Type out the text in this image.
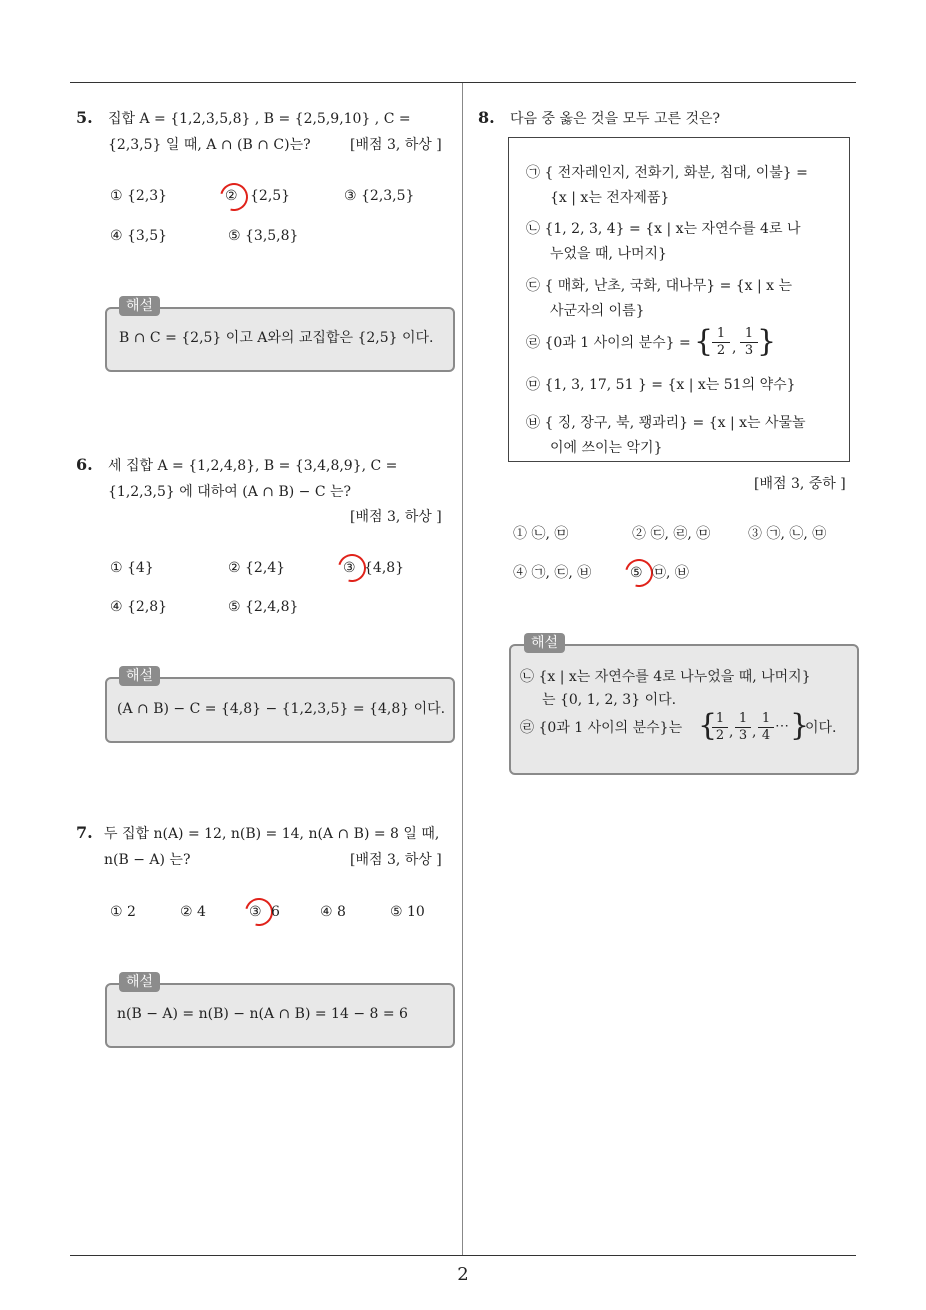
5. 집합 A = {1,2,3,5,8} , B = {2,5,9,10} , C =
{2,3,5} 일 때, A ∩ (B ∩ C)는?	[배점 3, 하상 ]
① {2,3}	② {2,5}	③ {2,3,5}
④ {3,5}	⑤ {3,5,8}
해설
B ∩ C = {2,5} 이고 A와의 교집합은 {2,5} 이다.
6. 세 집합 A = {1,2,4,8}, B = {3,4,8,9}, C =
{1,2,3,5} 에 대하여 (A ∩ B) − C 는?
[배점 3, 하상 ]
① {4}	② {2,4}	③ {4,8}
④ {2,8}	⑤ {2,4,8}
해설
(A ∩ B) − C = {4,8} − {1,2,3,5} = {4,8} 이다.
7. 두 집합 n(A) = 12, n(B) = 14, n(A ∩ B) = 8 일 때,
n(B − A) 는?	[배점 3, 하상 ]
① 2	② 4	③ 6	④ 8	⑤ 10
해설
n(B − A) = n(B) − n(A ∩ B) = 14 − 8 = 6
8. 다음 중 옳은 것을 모두 고른 것은?
㉠ { 전자레인지, 전화기, 화분, 침대, 이불} =
{x | x는 전자제품}
㉡ {1, 2, 3, 4} = {x | x는 자연수를 4로 나
누었을 때, 나머지}
㉢ { 매화, 난초, 국화, 대나무} = {x | x 는
사군자의 이름}
㉣ {0과 1 사이의 분수} = {
$\frac{1}{2}$ , $\frac{1}{3}$ }
㉤ {1, 3, 17, 51 } = {x | x는 51의 약수}
㉥ { 징, 장구, 북, 꽹과리} = {x | x는 사물놀
이에 쓰이는 악기}
[배점 3, 중하 ]
① ㉡, ㉤	② ㉢, ㉣, ㉤	③ ㉠, ㉡, ㉤
④ ㉠, ㉢, ㉥	⑤ ㉤, ㉥
해설
㉡ {x | x는 자연수를 4로 나누었을 때, 나머지}
는 {0, 1, 2, 3} 이다.
㉣ {0과 1 사이의 분수}는 {
$\frac{1}{2}$ , $\frac{1}{3}$ , $\frac{1}{4}$ ⋯ }
이다.
2
